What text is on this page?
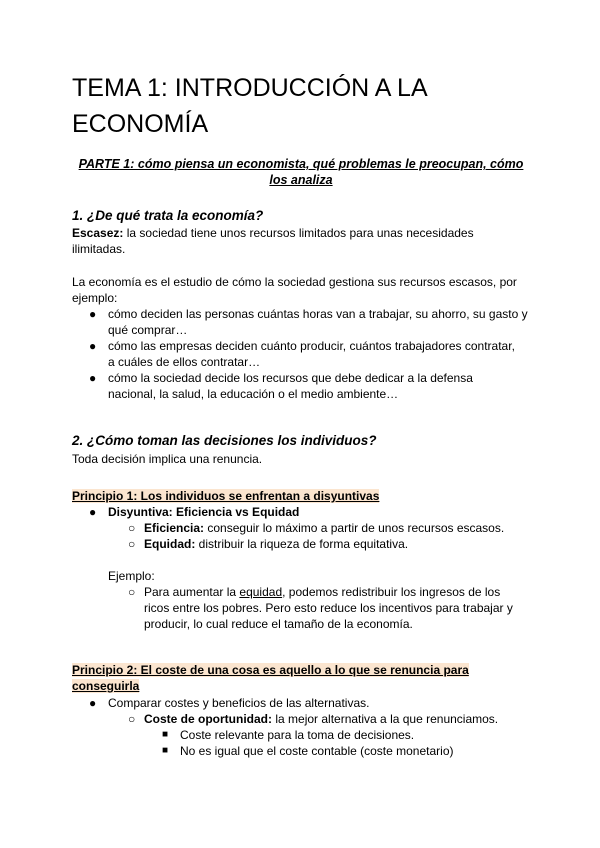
TEMA 1: INTRODUCCIÓN A LA ECONOMÍA
PARTE 1: cómo piensa un economista, qué problemas le preocupan, cómo los analiza
1. ¿De qué trata la economía?
Escasez: la sociedad tiene unos recursos limitados para unas necesidades ilimitadas.
La economía es el estudio de cómo la sociedad gestiona sus recursos escasos, por ejemplo:
● cómo deciden las personas cuántas horas van a trabajar, su ahorro, su gasto y qué comprar…
● cómo las empresas deciden cuánto producir, cuántos trabajadores contratar, a cuáles de ellos contratar…
● cómo la sociedad decide los recursos que debe dedicar a la defensa nacional, la salud, la educación o el medio ambiente…
2. ¿Cómo toman las decisiones los individuos?
Toda decisión implica una renuncia.
Principio 1: Los individuos se enfrentan a disyuntivas
● Disyuntiva: Eficiencia vs Equidad
○ Eficiencia: conseguir lo máximo a partir de unos recursos escasos.
○ Equidad: distribuir la riqueza de forma equitativa.
Ejemplo:
○ Para aumentar la equidad, podemos redistribuir los ingresos de los ricos entre los pobres. Pero esto reduce los incentivos para trabajar y producir, lo cual reduce el tamaño de la economía.
Principio 2: El coste de una cosa es aquello a lo que se renuncia para
conseguirla
● Comparar costes y beneficios de las alternativas.
○ Coste de oportunidad: la mejor alternativa a la que renunciamos.
■ Coste relevante para la toma de decisiones.
■ No es igual que el coste contable (coste monetario)
